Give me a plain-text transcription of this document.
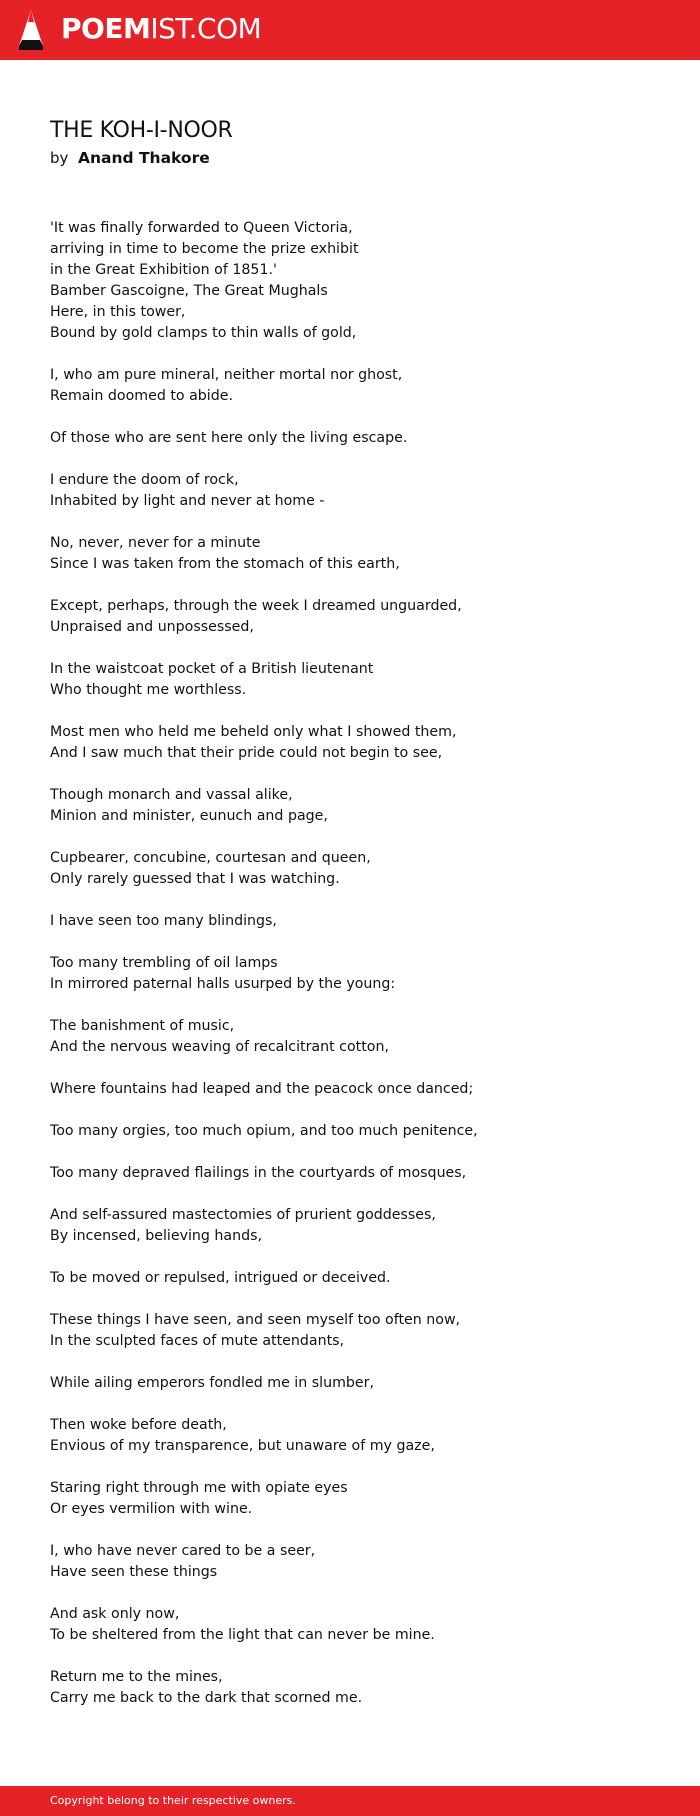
POEMIST.COM
THE KOH-I-NOOR
by Anand Thakore
'It was finally forwarded to Queen Victoria,
arriving in time to become the prize exhibit
in the Great Exhibition of 1851.'
Bamber Gascoigne, The Great Mughals
Here, in this tower,
Bound by gold clamps to thin walls of gold,
I, who am pure mineral, neither mortal nor ghost,
Remain doomed to abide.
Of those who are sent here only the living escape.
I endure the doom of rock,
Inhabited by light and never at home -
No, never, never for a minute
Since I was taken from the stomach of this earth,
Except, perhaps, through the week I dreamed unguarded,
Unpraised and unpossessed,
In the waistcoat pocket of a British lieutenant
Who thought me worthless.
Most men who held me beheld only what I showed them,
And I saw much that their pride could not begin to see,
Though monarch and vassal alike,
Minion and minister, eunuch and page,
Cupbearer, concubine, courtesan and queen,
Only rarely guessed that I was watching.
I have seen too many blindings,
Too many trembling of oil lamps
In mirrored paternal halls usurped by the young:
The banishment of music,
And the nervous weaving of recalcitrant cotton,
Where fountains had leaped and the peacock once danced;
Too many orgies, too much opium, and too much penitence,
Too many depraved flailings in the courtyards of mosques,
And self-assured mastectomies of prurient goddesses,
By incensed, believing hands,
To be moved or repulsed, intrigued or deceived.
These things I have seen, and seen myself too often now,
In the sculpted faces of mute attendants,
While ailing emperors fondled me in slumber,
Then woke before death,
Envious of my transparence, but unaware of my gaze,
Staring right through me with opiate eyes
Or eyes vermilion with wine.
I, who have never cared to be a seer,
Have seen these things
And ask only now,
To be sheltered from the light that can never be mine.
Return me to the mines,
Carry me back to the dark that scorned me.
Copyright belong to their respective owners.
